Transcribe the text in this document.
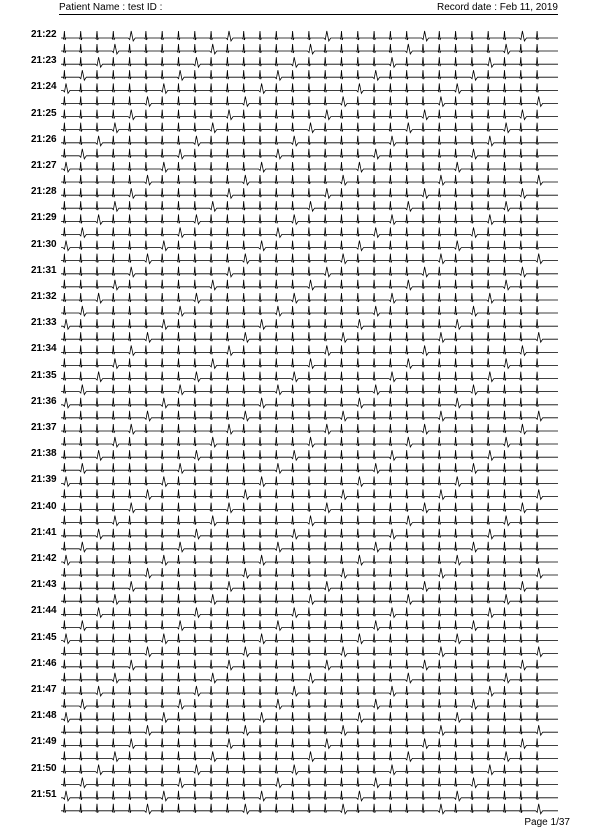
Patient Name : test ID :	Record date : Feb 11, 2019
21:22
21:23
21:24
21:25
21:26
21:27
21:28
21:29
21:30
21:31
21:32
21:33
21:34
21:35
21:36
21:37
21:38
21:39
21:40
21:41
21:42
21:43
21:44
21:45
21:46
21:47
21:48
21:49
21:50
21:51
Page 1/37
